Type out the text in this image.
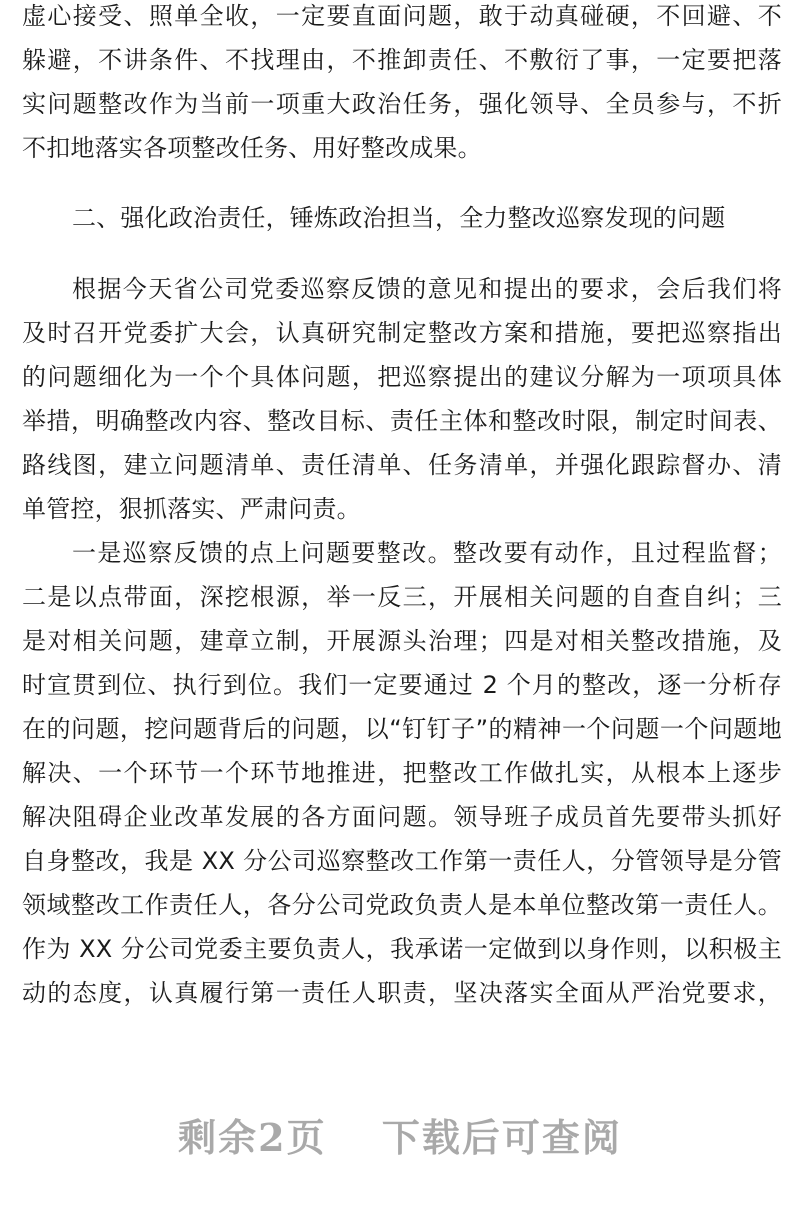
虚心接受、照单全收，一定要直面问题，敢于动真碰硬，不回避、不
躲避，不讲条件、不找理由，不推卸责任、不敷衍了事，一定要把落
实问题整改作为当前一项重大政治任务，强化领导、全员参与，不折
不扣地落实各项整改任务、用好整改成果。
二、强化政治责任，锤炼政治担当，全力整改巡察发现的问题
根据今天省公司党委巡察反馈的意见和提出的要求，会后我们将
及时召开党委扩大会，认真研究制定整改方案和措施，要把巡察指出
的问题细化为一个个具体问题，把巡察提出的建议分解为一项项具体
举措，明确整改内容、整改目标、责任主体和整改时限，制定时间表、
路线图，建立问题清单、责任清单、任务清单，并强化跟踪督办、清
单管控，狠抓落实、严肃问责。
一是巡察反馈的点上问题要整改。整改要有动作，且过程监督；
二是以点带面，深挖根源，举一反三，开展相关问题的自查自纠；三
是对相关问题，建章立制，开展源头治理；四是对相关整改措施，及
时宣贯到位、执行到位。我们一定要通过 2 个月的整改，逐一分析存
在的问题，挖问题背后的问题，以“钉钉子”的精神一个问题一个问题地
解决、一个环节一个环节地推进，把整改工作做扎实，从根本上逐步
解决阻碍企业改革发展的各方面问题。领导班子成员首先要带头抓好
自身整改，我是 XX 分公司巡察整改工作第一责任人，分管领导是分管
领域整改工作责任人，各分公司党政负责人是本单位整改第一责任人。
作为 XX 分公司党委主要负责人，我承诺一定做到以身作则，以积极主
动的态度，认真履行第一责任人职责，坚决落实全面从严治党要求，
剩余2页 下载后可查阅
